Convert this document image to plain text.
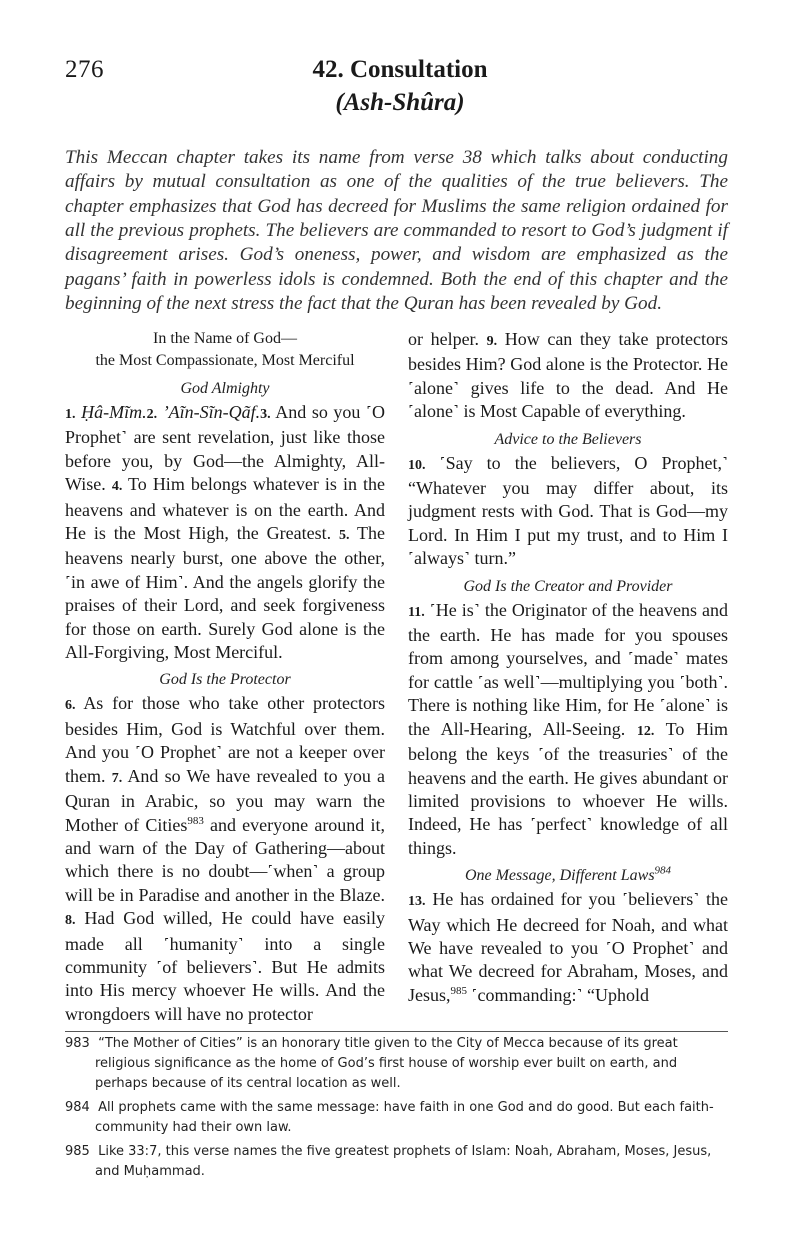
276	42. Consultation
(Ash-Shûra)

This Meccan chapter takes its name from verse 38 which talks about conducting affairs by mutual consultation as one of the qualities of the true believers. The chapter emphasizes that God has decreed for Muslims the same religion ordained for all the previous prophets. The believers are commanded to resort to God’s judgment if disagreement arises. God’s oneness, power, and wisdom are emphasized as the pagans’ faith in powerless idols is condemned. Both the end of this chapter and the beginning of the next stress the fact that the Quran has been revealed by God.

In the Name of God—

the Most Compassionate, Most Merciful

God Almighty

1. Ḥâ-Mĩm.2. ’Aĩn-Sĩn-Qãf.3. And so you ˹O Prophet˺ are sent revelation, just like those before you, by God—the Almighty, All-Wise. 4. To Him belongs whatever is in the heavens and whatever is on the earth. And He is the Most High, the Greatest. 5. The heavens nearly burst, one above the other, ˹in awe of Him˺. And the angels glorify the praises of their Lord, and seek forgiveness for those on earth. Surely God alone is the All-Forgiving, Most Merciful.

God Is the Protector

6. As for those who take other protectors besides Him, God is Watchful over them. And you ˹O Prophet˺ are not a keeper over them. 7. And so We have revealed to you a Quran in Arabic, so you may warn the Mother of Cities$^{983}$ and everyone around it, and warn of the Day of Gathering—about which there is no doubt—˹when˺ a group will be in Paradise and another in the Blaze. 8. Had God willed, He could have easily made all ˹humanity˺ into a single community ˹of believers˺. But He admits into His mercy whoever He wills. And the wrongdoers will have no protector

or helper. 9. How can they take protectors besides Him? God alone is the Protector. He ˹alone˺ gives life to the dead. And He ˹alone˺ is Most Capable of everything.

Advice to the Believers

10. ˹Say to the believers, O Prophet,˺ “Whatever you may differ about, its judgment rests with God. That is God—my Lord. In Him I put my trust, and to Him I ˹always˺ turn.”

God Is the Creator and Provider

11. ˹He is˺ the Originator of the heavens and the earth. He has made for you spouses from among yourselves, and ˹made˺ mates for cattle ˹as well˺—multiplying you ˹both˺. There is nothing like Him, for He ˹alone˺ is the All-Hearing, All-Seeing. 12. To Him belong the keys ˹of the treasuries˺ of the heavens and the earth. He gives abundant or limited provisions to whoever He wills. Indeed, He has ˹perfect˺ knowledge of all things.

One Message, Different Laws$^{984}$

13. He has ordained for you ˹believers˺ the Way which He decreed for Noah, and what We have revealed to you ˹O Prophet˺ and what We decreed for Abraham, Moses, and Jesus,$^{985}$ ˹commanding:˺ “Uphold

983 “The Mother of Cities” is an honorary title given to the City of Mecca because of its great religious significance as the home of God’s first house of worship ever built on earth, and perhaps because of its central location as well.

984 All prophets came with the same message: have faith in one God and do good. But each faith-community had their own law.

985 Like 33:7, this verse names the five greatest prophets of Islam: Noah, Abraham, Moses, Jesus, and Muḥammad.
